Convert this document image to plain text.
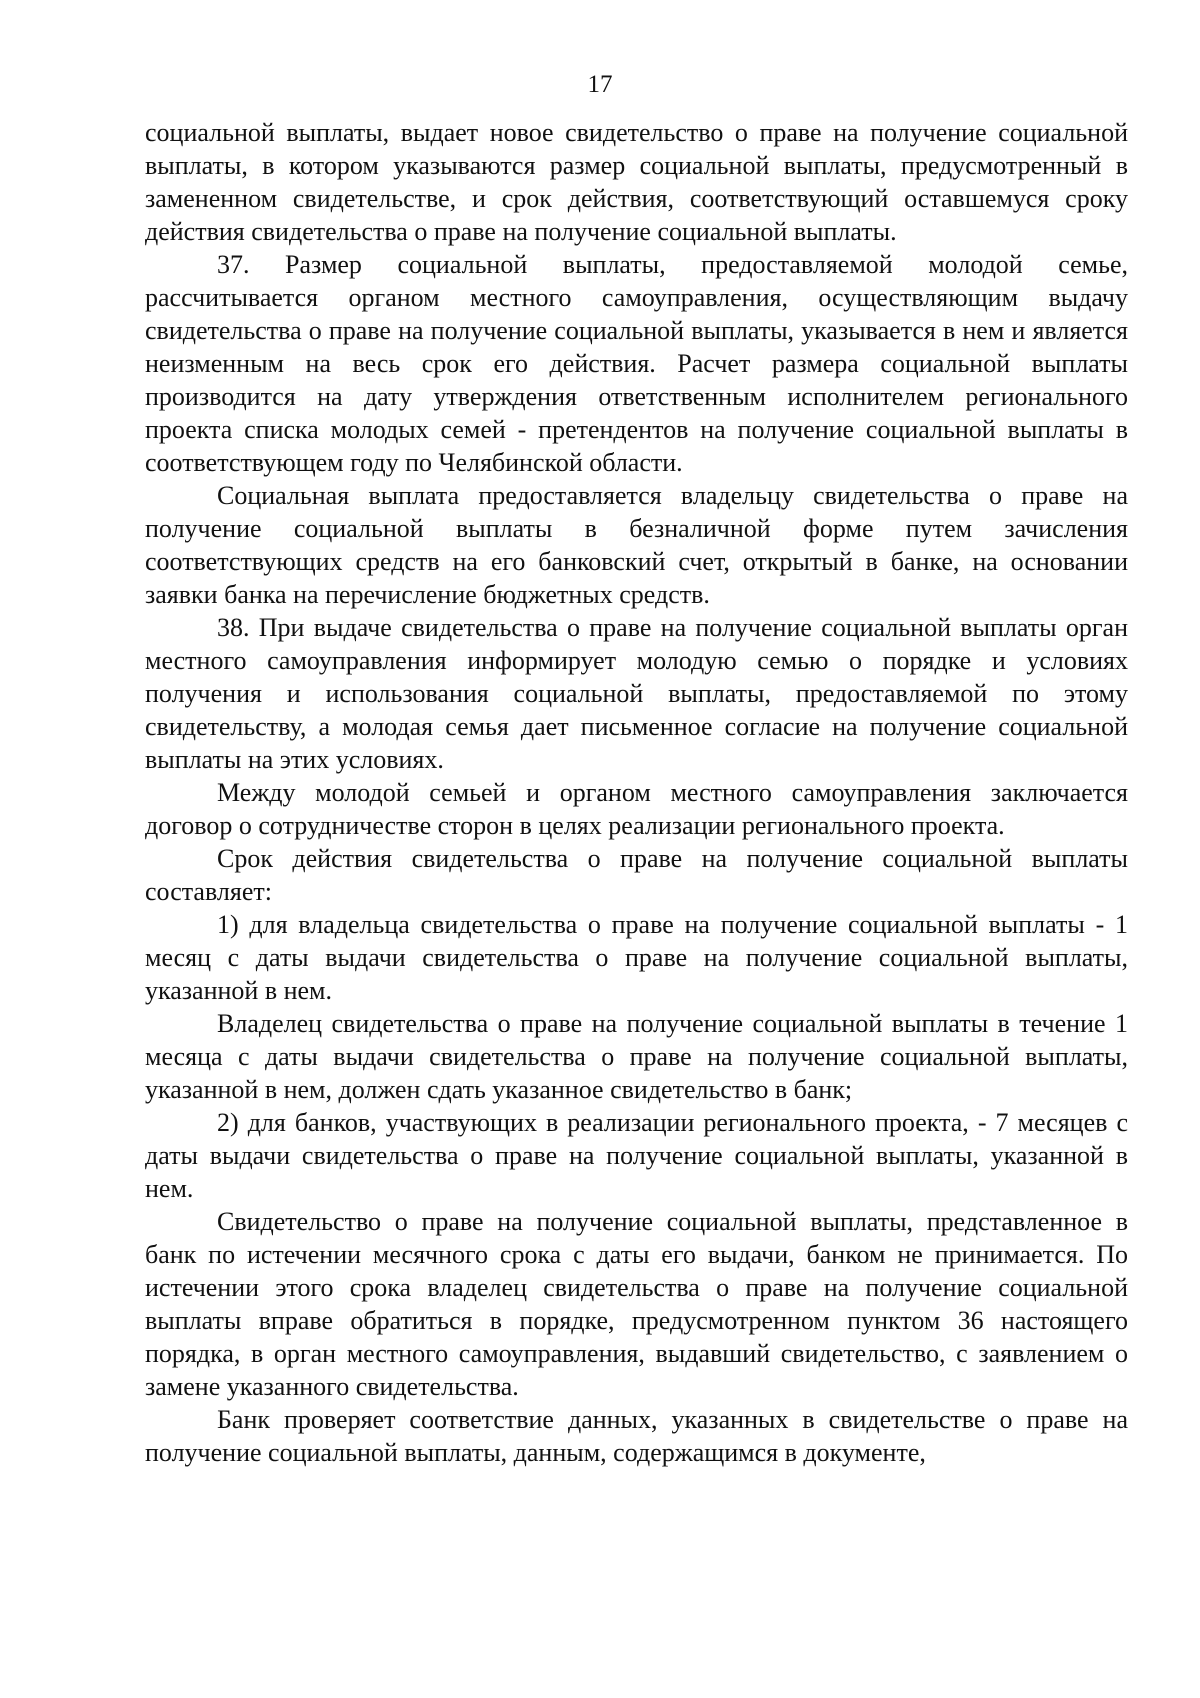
17

социальной выплаты, выдает новое свидетельство о праве на получение социальной выплаты, в котором указываются размер социальной выплаты, предусмотренный в замененном свидетельстве, и срок действия, соответствующий оставшемуся сроку действия свидетельства о праве на получение социальной выплаты.

37. Размер социальной выплаты, предоставляемой молодой семье, рассчитывается органом местного самоуправления, осуществляющим выдачу свидетельства о праве на получение социальной выплаты, указывается в нем и является неизменным на весь срок его действия. Расчет размера социальной выплаты производится на дату утверждения ответственным исполнителем регионального проекта списка молодых семей - претендентов на получение социальной выплаты в соответствующем году по Челябинской области.

Социальная выплата предоставляется владельцу свидетельства о праве на получение социальной выплаты в безналичной форме путем зачисления соответствующих средств на его банковский счет, открытый в банке, на основании заявки банка на перечисление бюджетных средств.

38. При выдаче свидетельства о праве на получение социальной выплаты орган местного самоуправления информирует молодую семью о порядке и условиях получения и использования социальной выплаты, предоставляемой по этому свидетельству, а молодая семья дает письменное согласие на получение социальной выплаты на этих условиях.

Между молодой семьей и органом местного самоуправления заключается договор о сотрудничестве сторон в целях реализации регионального проекта.

Срок действия свидетельства о праве на получение социальной выплаты составляет:

1) для владельца свидетельства о праве на получение социальной выплаты - 1 месяц с даты выдачи свидетельства о праве на получение социальной выплаты, указанной в нем.

Владелец свидетельства о праве на получение социальной выплаты в течение 1 месяца с даты выдачи свидетельства о праве на получение социальной выплаты, указанной в нем, должен сдать указанное свидетельство в банк;

2) для банков, участвующих в реализации регионального проекта, - 7 месяцев с даты выдачи свидетельства о праве на получение социальной выплаты, указанной в нем.

Свидетельство о праве на получение социальной выплаты, представленное в банк по истечении месячного срока с даты его выдачи, банком не принимается. По истечении этого срока владелец свидетельства о праве на получение социальной выплаты вправе обратиться в порядке, предусмотренном пунктом 36 настоящего порядка, в орган местного самоуправления, выдавший свидетельство, с заявлением о замене указанного свидетельства.

Банк проверяет соответствие данных, указанных в свидетельстве о праве на получение социальной выплаты, данным, содержащимся в документе,
